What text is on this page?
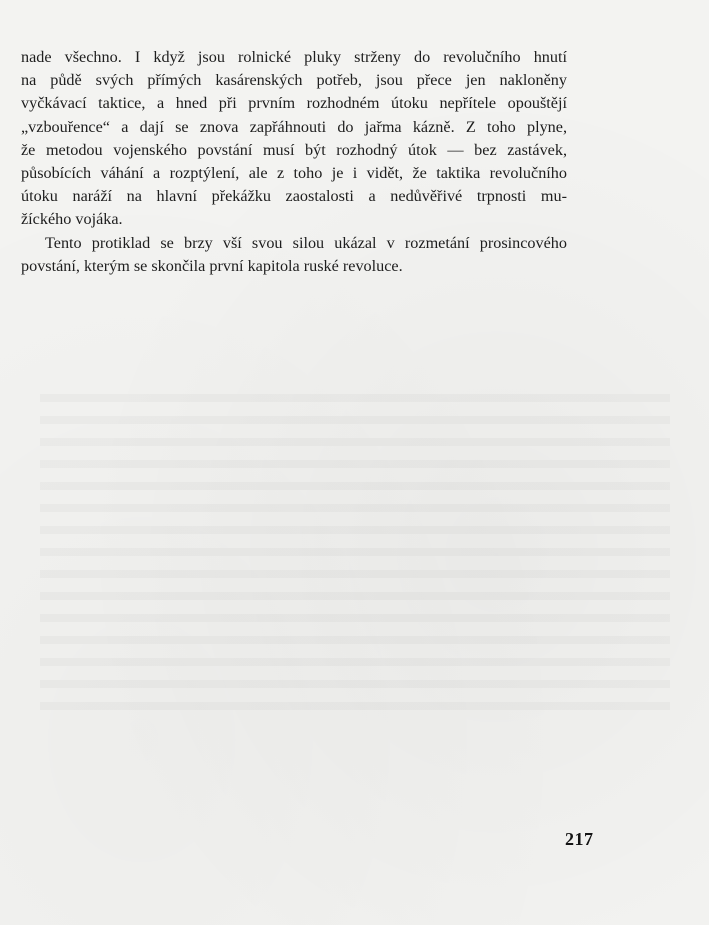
nade všechno. I když jsou rolnické pluky strženy do revolučního hnutí
na půdě svých přímých kasárenských potřeb, jsou přece jen nakloněny
vyčkávací taktice, a hned při prvním rozhodném útoku nepřítele opouštějí
„vzbouřence“ a dají se znova zapřáhnouti do jařma kázně. Z toho plyne,
že metodou vojenského povstání musí být rozhodný útok — bez zastávek,
působících váhání a rozptýlení, ale z toho je i vidět, že taktika revolučního
útoku naráží na hlavní překážku zaostalosti a nedůvěřivé trpnosti mu-
žíckého vojáka.
Tento protiklad se brzy vší svou silou ukázal v rozmetání prosincového
povstání, kterým se skončila první kapitola ruské revoluce.
217
